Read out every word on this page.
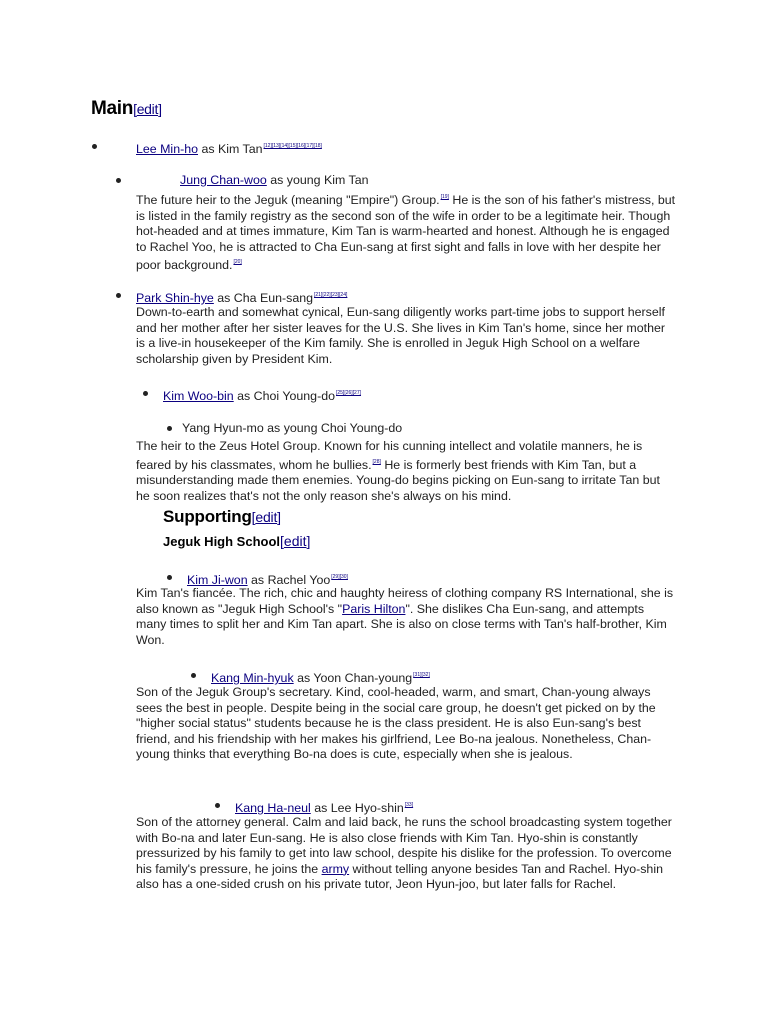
Main[edit]
Lee Min-ho as Kim Tan[12][13][14][15][16][17][18]
Jung Chan-woo as young Kim Tan
The future heir to the Jeguk (meaning "Empire") Group.[19] He is the son of his father's mistress, but is listed in the family registry as the second son of the wife in order to be a legitimate heir. Though hot-headed and at times immature, Kim Tan is warm-hearted and honest. Although he is engaged to Rachel Yoo, he is attracted to Cha Eun-sang at first sight and falls in love with her despite her poor background.[20]
Park Shin-hye as Cha Eun-sang[21][22][23][24]
Down-to-earth and somewhat cynical, Eun-sang diligently works part-time jobs to support herself and her mother after her sister leaves for the U.S. She lives in Kim Tan's home, since her mother is a live-in housekeeper of the Kim family. She is enrolled in Jeguk High School on a welfare scholarship given by President Kim.
Kim Woo-bin as Choi Young-do[25][26][27]
Yang Hyun-mo as young Choi Young-do
The heir to the Zeus Hotel Group. Known for his cunning intellect and volatile manners, he is feared by his classmates, whom he bullies.[28] He is formerly best friends with Kim Tan, but a misunderstanding made them enemies. Young-do begins picking on Eun-sang to irritate Tan but he soon realizes that's not the only reason she's always on his mind.
Supporting[edit]
Jeguk High School[edit]
Kim Ji-won as Rachel Yoo[29][30]
Kim Tan's fiancée. The rich, chic and haughty heiress of clothing company RS International, she is also known as "Jeguk High School's "Paris Hilton". She dislikes Cha Eun-sang, and attempts many times to split her and Kim Tan apart. She is also on close terms with Tan's half-brother, Kim Won.
Kang Min-hyuk as Yoon Chan-young[31][32]
Son of the Jeguk Group's secretary. Kind, cool-headed, warm, and smart, Chan-young always sees the best in people. Despite being in the social care group, he doesn't get picked on by the "higher social status" students because he is the class president. He is also Eun-sang's best friend, and his friendship with her makes his girlfriend, Lee Bo-na jealous. Nonetheless, Chan-young thinks that everything Bo-na does is cute, especially when she is jealous.
Kang Ha-neul as Lee Hyo-shin[33]
Son of the attorney general. Calm and laid back, he runs the school broadcasting system together with Bo-na and later Eun-sang. He is also close friends with Kim Tan. Hyo-shin is constantly pressurized by his family to get into law school, despite his dislike for the profession. To overcome his family's pressure, he joins the army without telling anyone besides Tan and Rachel. Hyo-shin also has a one-sided crush on his private tutor, Jeon Hyun-joo, but later falls for Rachel.
